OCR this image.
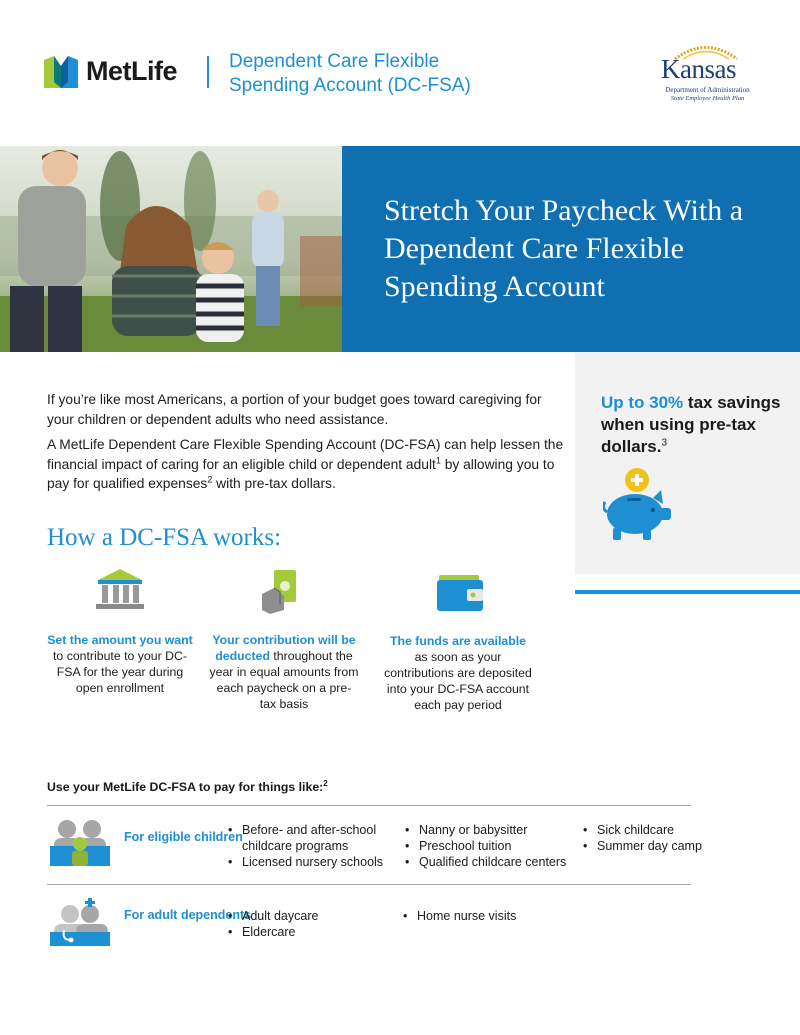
MetLife	Dependent Care Flexible
Spending Account (DC-FSA)
Kansas
Department of Administration
State Employee Health Plan
Stretch Your Paycheck With a Dependent Care Flexible Spending Account

If you’re like most Americans, a portion of your budget goes toward caregiving for your children or dependent adults who need assistance.

A MetLife Dependent Care Flexible Spending Account (DC-FSA) can help lessen the financial impact of caring for an eligible child or dependent adult$^1$ by allowing you to pay for qualified expenses$^2$ with pre-tax dollars.

Up to 30% tax savings when using pre-tax dollars.$^3$
How a DC-FSA works:
Set the amount you want to contribute to your DC-FSA for the year during open enrollment
Your contribution will be deducted throughout the year in equal amounts from each paycheck on a pre-tax basis
The funds are available as soon as your contributions are deposited into your DC-FSA account each pay period
Use your MetLife DC-FSA to pay for things like:$^2$
For eligible children
• Before- and after-school childcare programs
• Licensed nursery schools
• Nanny or babysitter
• Preschool tuition
• Qualified childcare centers
• Sick childcare
• Summer day camp
For adult dependents
• Adult daycare
• Eldercare
• Home nurse visits
